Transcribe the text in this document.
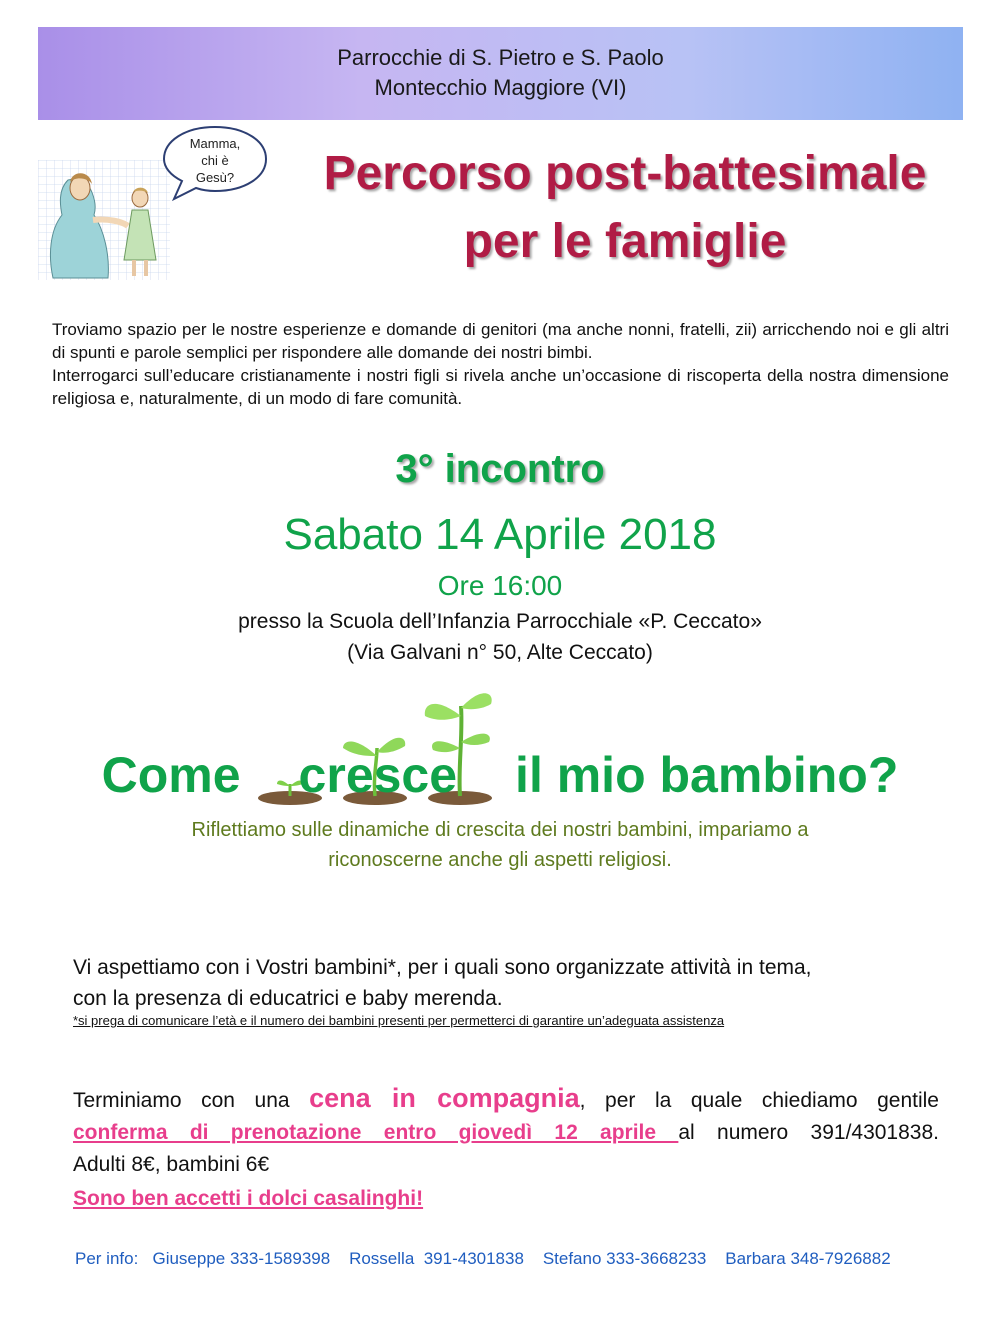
Parrocchie di S. Pietro e S. Paolo
Montecchio Maggiore (VI)
Mamma,
chi è
Gesù?	Percorso post-battesimale
per le famiglie

Troviamo spazio per le nostre esperienze e domande di genitori (ma anche nonni, fratelli, zii) arricchendo noi e gli altri di spunti e parole semplici per rispondere alle domande dei nostri bimbi.

Interrogarci sull’educare cristianamente i nostri figli si rivela anche un’occasione di riscoperta della nostra dimensione religiosa e, naturalmente, di un modo di fare comunità.

3° incontro
Sabato 14 Aprile 2018
Ore 16:00
presso la Scuola dell’Infanzia Parrocchiale «P. Ceccato»
(Via Galvani n° 50, Alte Ceccato)
Come cresce il mio bambino?
Riflettiamo sulle dinamiche di crescita dei nostri bambini, impariamo a
riconoscerne anche gli aspetti religiosi.

Vi aspettiamo con i Vostri bambini*, per i quali sono organizzate attività in tema,

con la presenza di educatrici e baby merenda.

*si prega di comunicare l’età e il numero dei bambini presenti per permetterci di garantire un’adeguata assistenza
Terminiamo con una cena in compagnia, per la quale chiediamo gentile
conferma di prenotazione entro giovedì 12 aprile al numero 391/4301838.
Adulti 8€, bambini 6€
Sono ben accetti i dolci casalinghi!
Per info:   Giuseppe 333-1589398    Rossella  391-4301838    Stefano 333-3668233    Barbara 348-7926882
